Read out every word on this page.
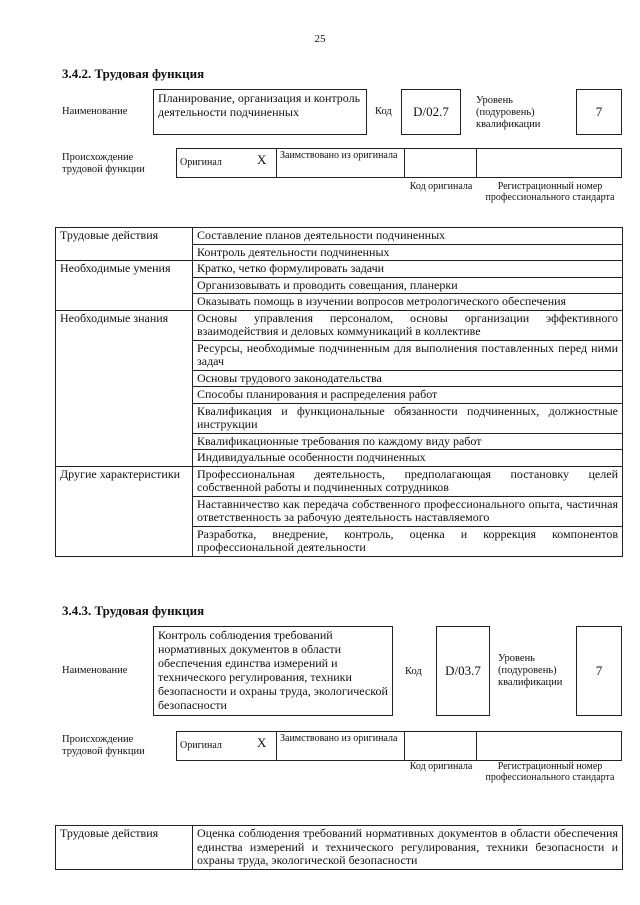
25
3.4.2. Трудовая функция
Наименование
Планирование, организация и контроль деятельности подчиненных	Код	D/02.7
Уровень (подуровень) квалификации
7
Происхождение трудовой функции
Оригинал	X	Заимствовано из оригинала
Код оригинала	Регистрационный номер профессионального стандарта
Трудовые действия	Составление планов деятельности подчиненных
	Контроль деятельности подчиненных
Необходимые умения	Кратко, четко формулировать задачи
	Организовывать и проводить совещания, планерки
	Оказывать помощь в изучении вопросов метрологического обеспечения
Необходимые знания	Основы управления персоналом, основы организации эффективного взаимодействия и деловых коммуникаций в коллективе
	Ресурсы, необходимые подчиненным для выполнения поставленных перед ними задач
	Основы трудового законодательства
	Способы планирования и распределения работ
	Квалификация и функциональные обязанности подчиненных, должностные инструкции
	Квалификационные требования по каждому виду работ
	Индивидуальные особенности подчиненных
Другие характеристики	Профессиональная деятельность, предполагающая постановку целей собственной работы и подчиненных сотрудников
	Наставничество как передача собственного профессионального опыта, частичная ответственность за рабочую деятельность наставляемого
	Разработка, внедрение, контроль, оценка и коррекция компонентов профессиональной деятельности
3.4.3. Трудовая функция
Наименование
Контроль соблюдения требований нормативных документов в области обеспечения единства измерений и технического регулирования, техники безопасности и охраны труда, экологической безопасности
Код	D/03.7
Уровень (подуровень) квалификации
7
Происхождение трудовой функции
Оригинал	X	Заимствовано из оригинала
Код оригинала	Регистрационный номер профессионального стандарта
Трудовые действия	Оценка соблюдения требований нормативных документов в области обеспечения единства измерений и технического регулирования, техники безопасности и охраны труда, экологической безопасности
